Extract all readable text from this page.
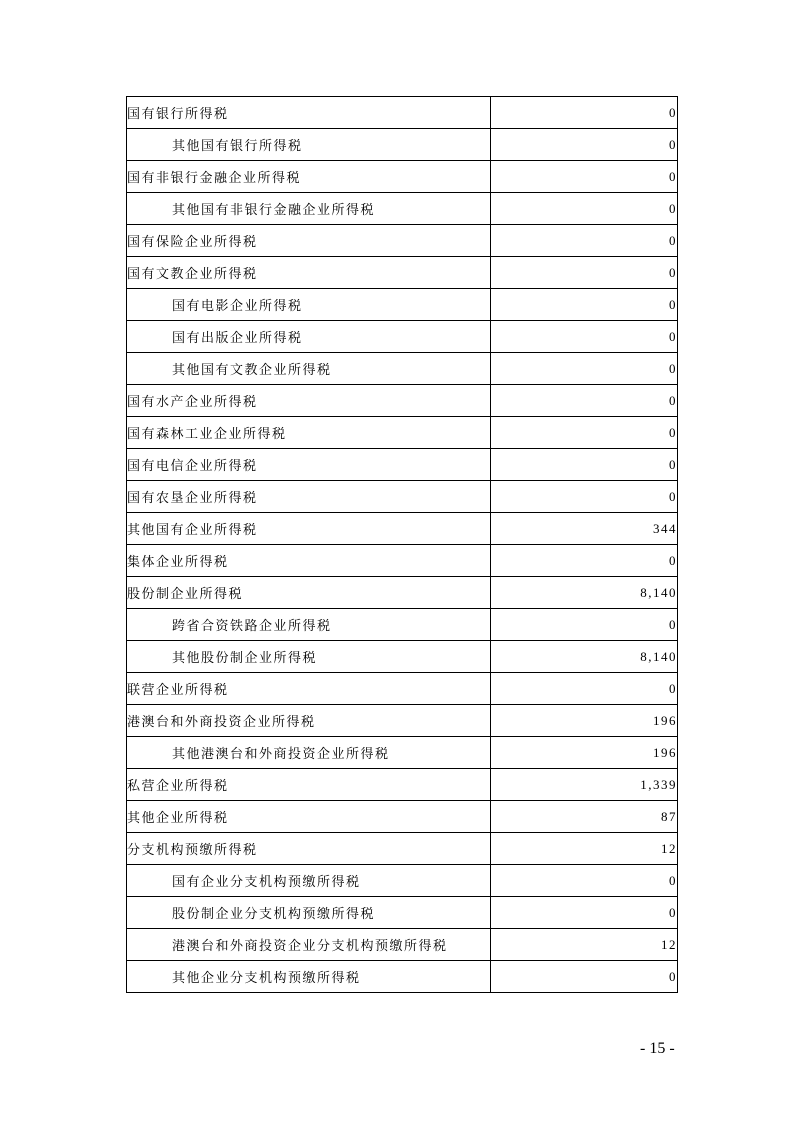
国有银行所得税	0
其他国有银行所得税	0
国有非银行金融企业所得税	0
其他国有非银行金融企业所得税	0
国有保险企业所得税	0
国有文教企业所得税	0
国有电影企业所得税	0
国有出版企业所得税	0
其他国有文教企业所得税	0
国有水产企业所得税	0
国有森林工业企业所得税	0
国有电信企业所得税	0
国有农垦企业所得税	0
其他国有企业所得税	344
集体企业所得税	0
股份制企业所得税	8,140
跨省合资铁路企业所得税	0
其他股份制企业所得税	8,140
联营企业所得税	0
港澳台和外商投资企业所得税	196
其他港澳台和外商投资企业所得税	196
私营企业所得税	1,339
其他企业所得税	87
分支机构预缴所得税	12
国有企业分支机构预缴所得税	0
股份制企业分支机构预缴所得税	0
港澳台和外商投资企业分支机构预缴所得税	12
其他企业分支机构预缴所得税	0
- 15 -
